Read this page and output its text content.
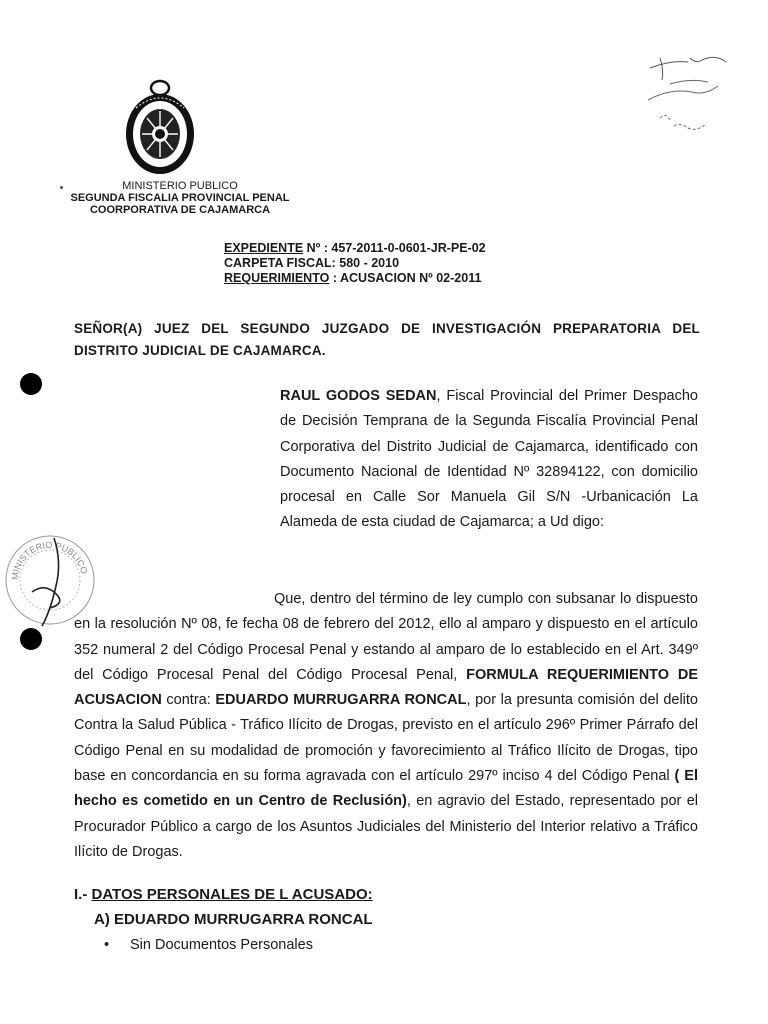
MINISTERIO PUBLICO
SEGUNDA FISCALIA PROVINCIAL PENAL
COORPORATIVA DE CAJAMARCA
EXPEDIENTE Nº : 457-2011-0-0601-JR-PE-02
CARPETA FISCAL: 580 - 2010
REQUERIMIENTO : ACUSACION Nº 02-2011
SEÑOR(A) JUEZ DEL SEGUNDO JUZGADO DE INVESTIGACIÓN PREPARATORIA DEL DISTRITO JUDICIAL DE CAJAMARCA.
RAUL GODOS SEDAN, Fiscal Provincial del Primer Despacho de Decisión Temprana de la Segunda Fiscalía Provincial Penal Corporativa del Distrito Judicial de Cajamarca, identificado con Documento Nacional de Identidad Nº 32894122, con domicilio procesal en Calle Sor Manuela Gil S/N -Urbanicación La Alameda de esta ciudad de Cajamarca; a Ud digo:
MINISTERIO PUBLICO
Que, dentro del término de ley cumplo con subsanar lo dispuesto en la resolución Nº 08, fe fecha 08 de febrero del 2012, ello al amparo y dispuesto en el artículo 352 numeral 2 del Código Procesal Penal y estando al amparo de lo establecido en el Art. 349º del Código Procesal Penal del Código Procesal Penal, FORMULA REQUERIMIENTO DE ACUSACION contra: EDUARDO MURRUGARRA RONCAL, por la presunta comisión del delito Contra la Salud Pública - Tráfico Ilícito de Drogas, previsto en el artículo 296º Primer Párrafo del Código Penal en su modalidad de promoción y favorecimiento al Tráfico Ilícito de Drogas, tipo base en concordancia en su forma agravada con el artículo 297º inciso 4 del Código Penal ( El hecho es cometido en un Centro de Reclusión), en agravio del Estado, representado por el Procurador Público a cargo de los Asuntos Judiciales del Ministerio del Interior relativo a Tráfico Ilícito de Drogas.
I.- DATOS PERSONALES DE L ACUSADO:
A) EDUARDO MURRUGARRA RONCAL
• Sin Documentos Personales
